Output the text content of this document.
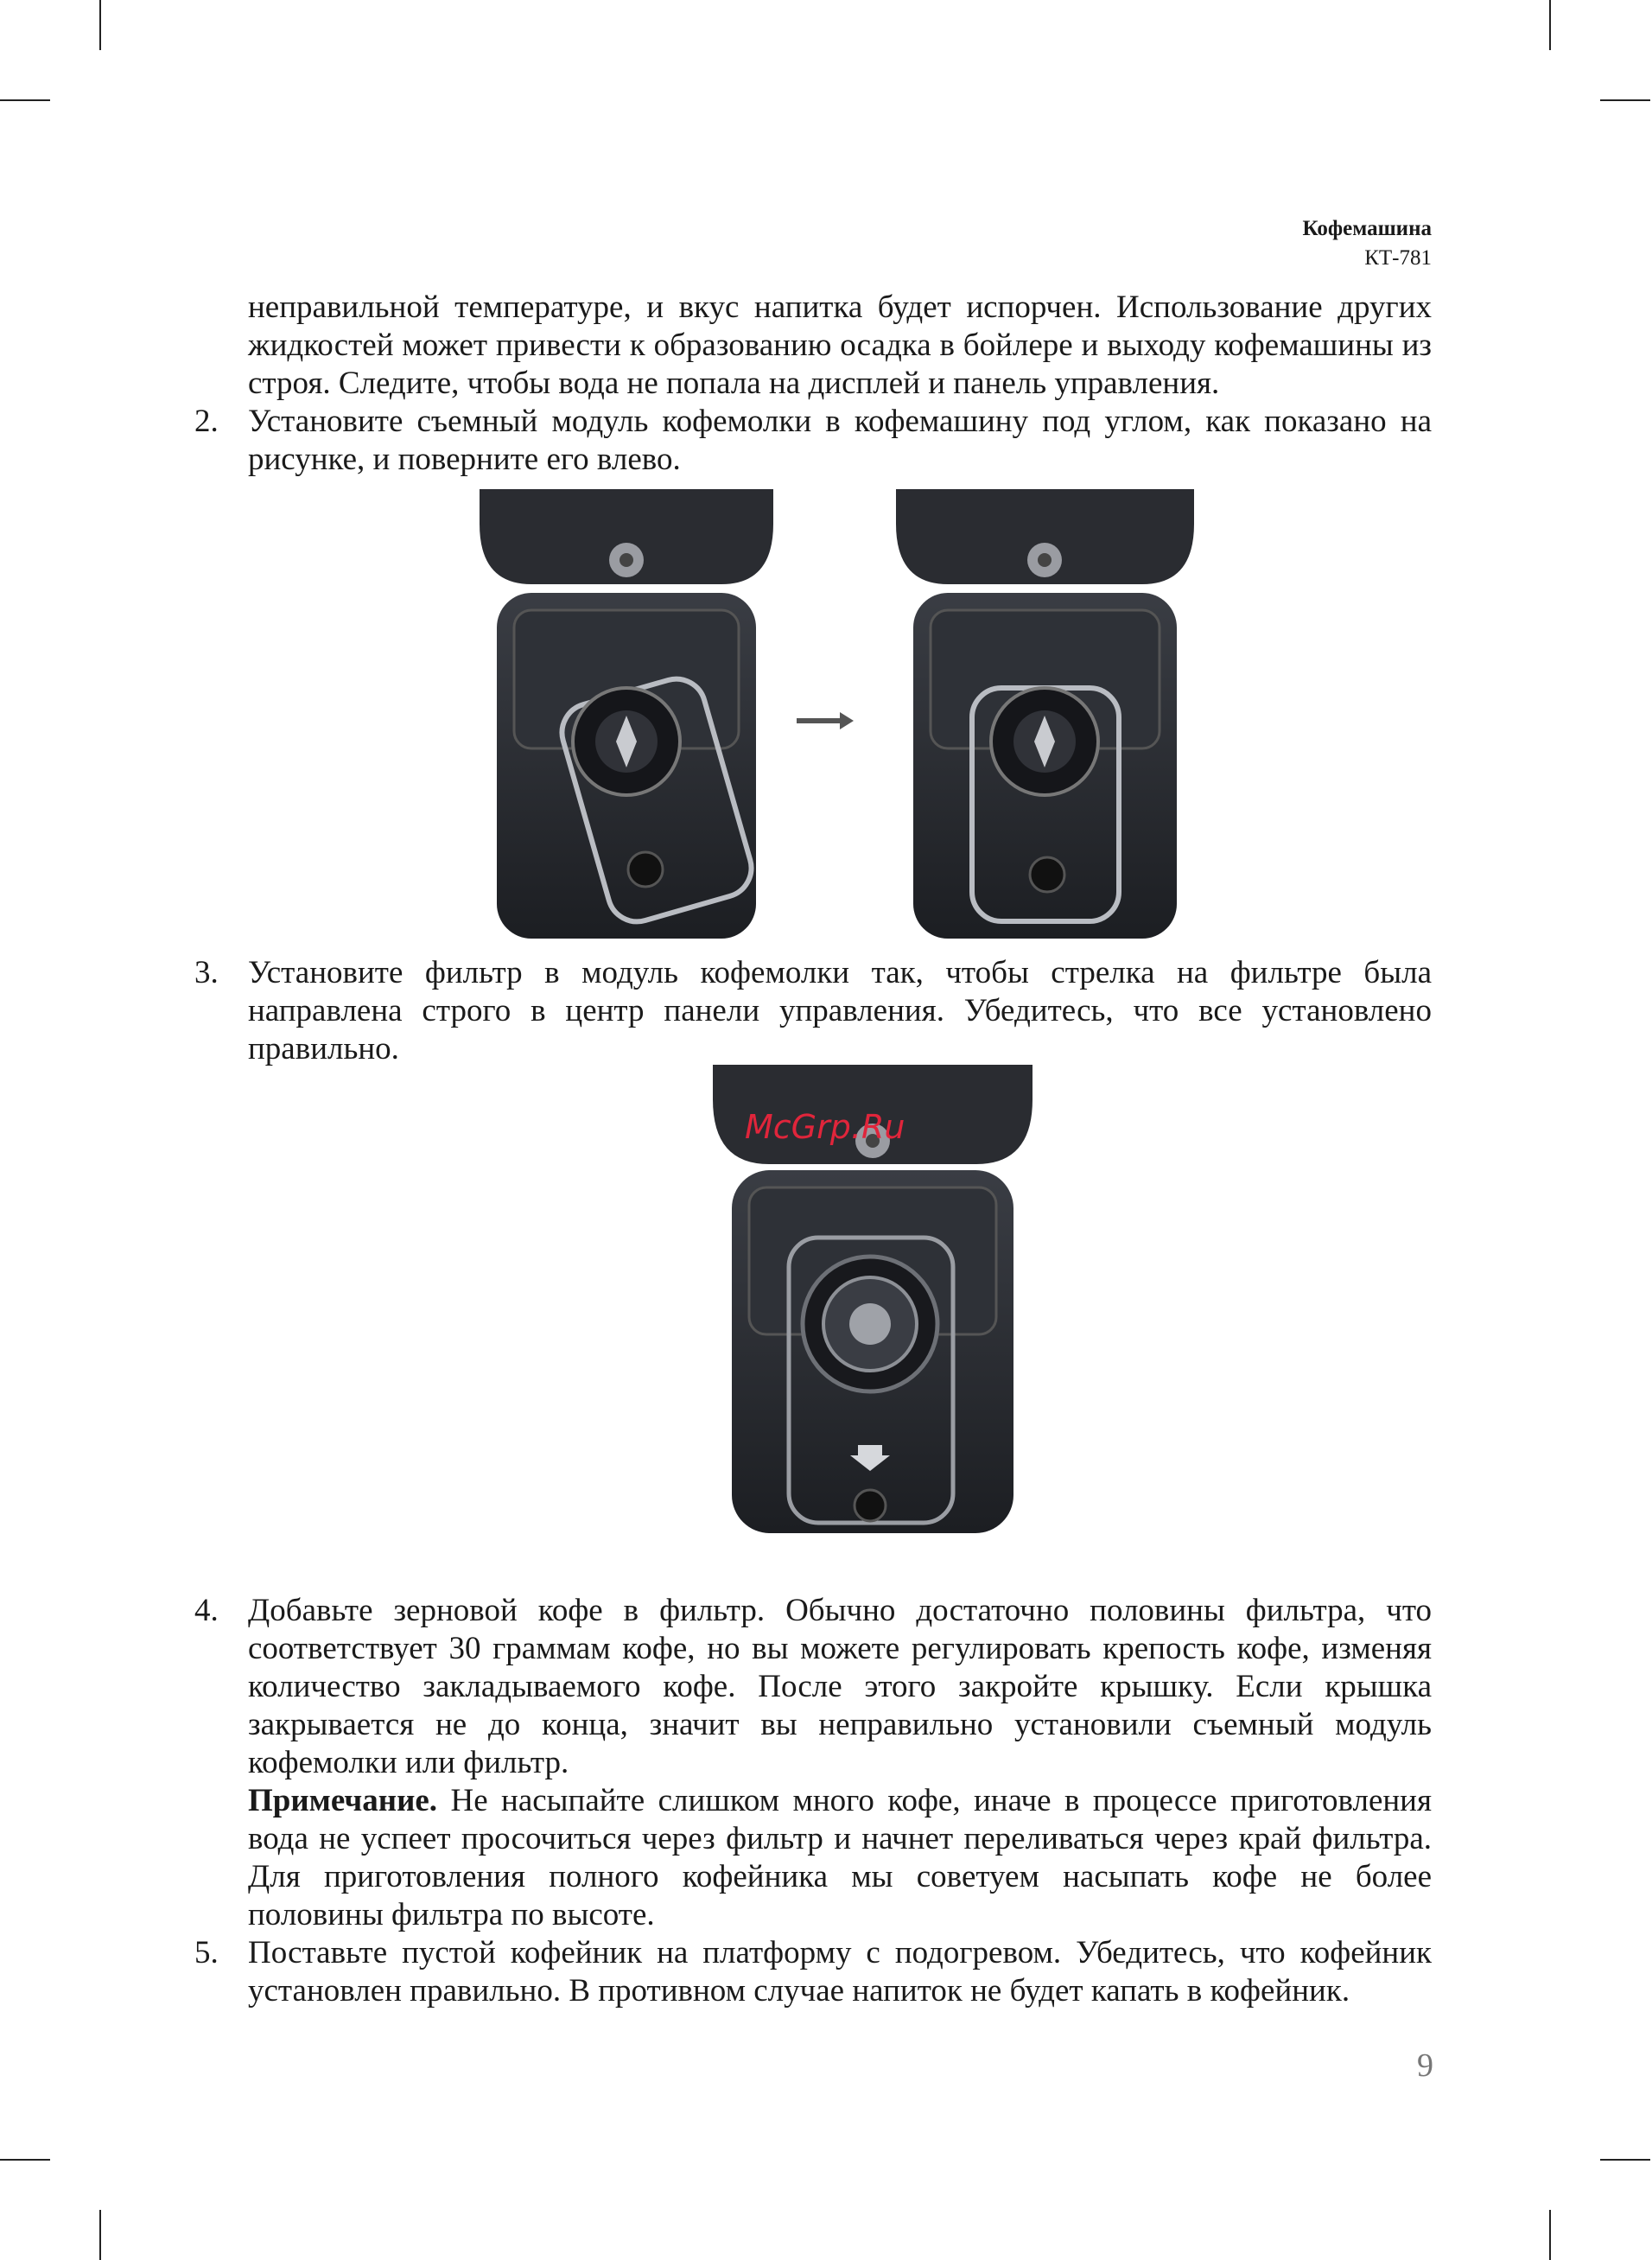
Кофемашина
КТ-781

неправильной температуре, и вкус напитка будет испорчен. Использование других жидкостей может привести к образованию осадка в бойлере и выходу кофемашины из строя. Следите, чтобы вода не попала на дисплей и панель управления.

2. Установите съемный модуль кофемолки в кофемашину под углом, как показано на рисунке, и поверните его влево.
3. Установите фильтр в модуль кофемолки так, чтобы стрелка на фильтре была направлена строго в центр панели управления. Убедитесь, что все установлено правильно.
McGrp.Ru
4. Добавьте зерновой кофе в фильтр. Обычно достаточно половины фильтра, что соответствует 30 граммам кофе, но вы можете регулировать крепость кофе, изменяя количество закладываемого кофе. После этого закройте крышку. Если крышка закрывается не до конца, значит вы неправильно установили съемный модуль кофемолки или фильтр.
Примечание. Не насыпайте слишком много кофе, иначе в процессе приготовления вода не успеет просочиться через фильтр и начнет переливаться через край фильтра. Для приготовления полного кофейника мы советуем насыпать кофе не более половины фильтра по высоте.
5. Поставьте пустой кофейник на платформу с подогревом. Убедитесь, что кофейник установлен правильно. В противном случае напиток не будет капать в кофейник.
9
